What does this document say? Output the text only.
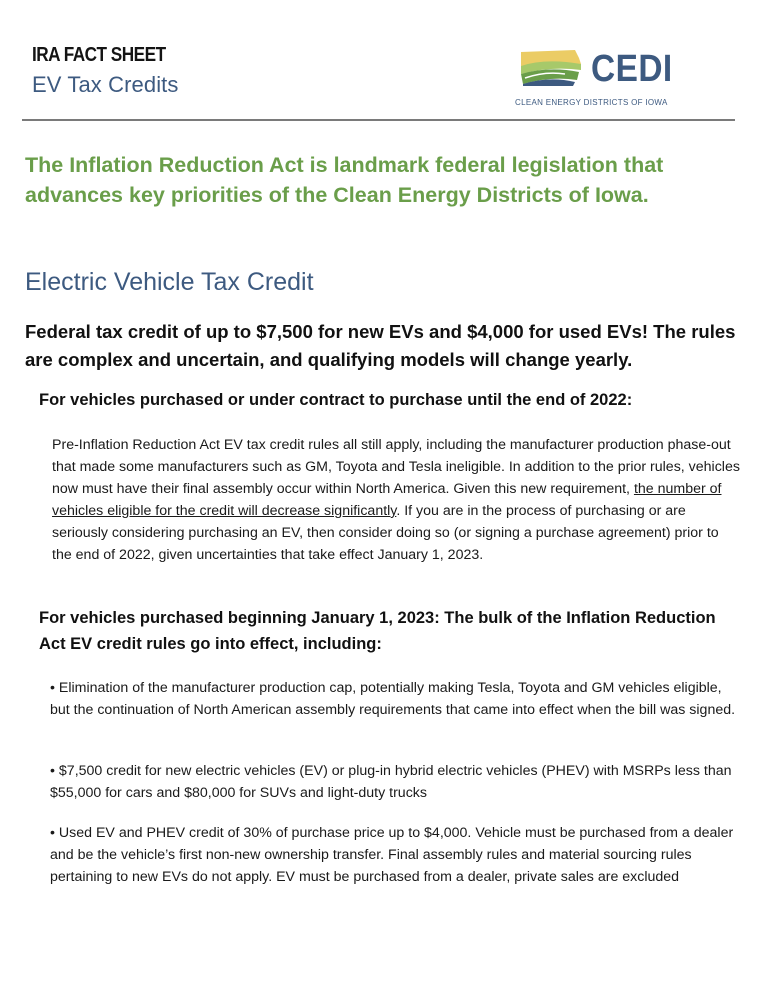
IRA FACT SHEET
EV Tax Credits	CEDI
CLEAN ENERGY DISTRICTS OF IOWA

The Inflation Reduction Act is landmark federal legislation that advances key priorities of the Clean Energy Districts of Iowa.

Electric Vehicle Tax Credit

Federal tax credit of up to $7,500 for new EVs and $4,000 for used EVs! The rules are complex and uncertain, and qualifying models will change yearly.

For vehicles purchased or under contract to purchase until the end of 2022:

Pre-Inflation Reduction Act EV tax credit rules all still apply, including the manufacturer production phase-out that made some manufacturers such as GM, Toyota and Tesla ineligible. In addition to the prior rules, vehicles now must have their final assembly occur within North America. Given this new requirement, the number of vehicles eligible for the credit will decrease significantly. If you are in the process of purchasing or are seriously considering purchasing an EV, then consider doing so (or signing a purchase agreement) prior to the end of 2022, given uncertainties that take effect January 1, 2023.

For vehicles purchased beginning January 1, 2023: The bulk of the Inflation Reduction Act EV credit rules go into effect, including:

• Elimination of the manufacturer production cap, potentially making Tesla, Toyota and GM vehicles eligible, but the continuation of North American assembly requirements that came into effect when the bill was signed.

• $7,500 credit for new electric vehicles (EV) or plug-in hybrid electric vehicles (PHEV) with MSRPs less than $55,000 for cars and $80,000 for SUVs and light-duty trucks

• Used EV and PHEV credit of 30% of purchase price up to $4,000. Vehicle must be purchased from a dealer and be the vehicle’s first non-new ownership transfer. Final assembly rules and material sourcing rules pertaining to new EVs do not apply. EV must be purchased from a dealer, private sales are excluded
